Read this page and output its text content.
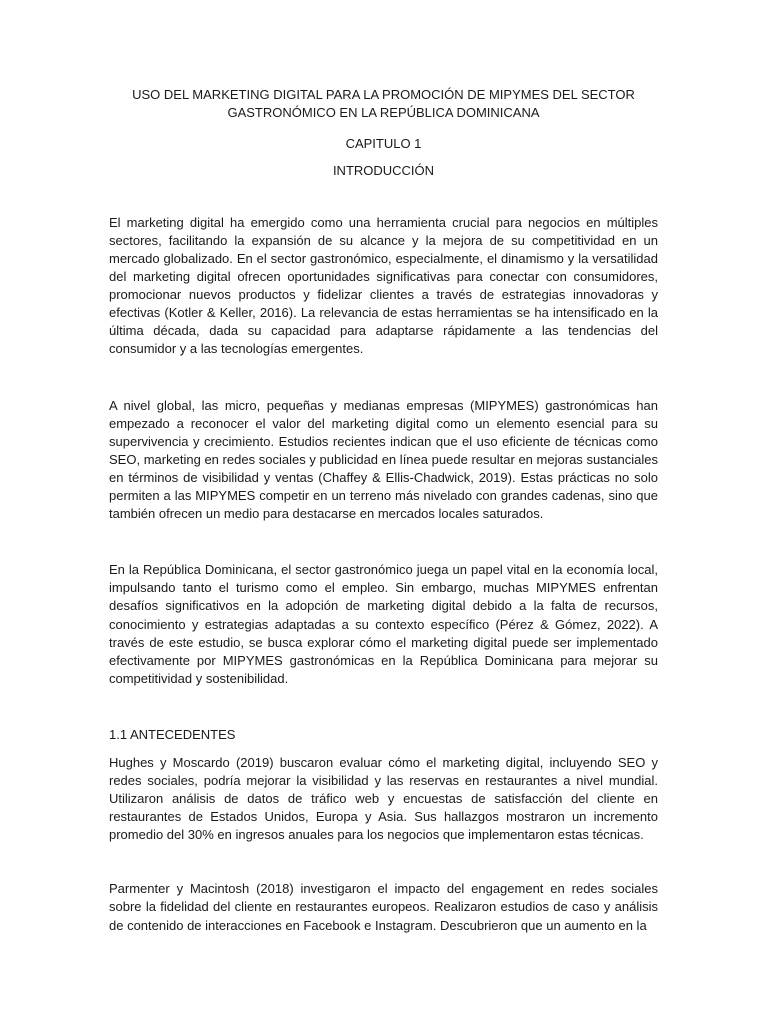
USO DEL MARKETING DIGITAL PARA LA PROMOCIÓN DE MIPYMES DEL SECTOR
GASTRONÓMICO EN LA REPÚBLICA DOMINICANA

CAPITULO 1

INTRODUCCIÓN

El marketing digital ha emergido como una herramienta crucial para negocios en múltiples sectores, facilitando la expansión de su alcance y la mejora de su competitividad en un mercado globalizado. En el sector gastronómico, especialmente, el dinamismo y la versatilidad del marketing digital ofrecen oportunidades significativas para conectar con consumidores, promocionar nuevos productos y fidelizar clientes a través de estrategias innovadoras y efectivas (Kotler & Keller, 2016). La relevancia de estas herramientas se ha intensificado en la última década, dada su capacidad para adaptarse rápidamente a las tendencias del consumidor y a las tecnologías emergentes.

A nivel global, las micro, pequeñas y medianas empresas (MIPYMES) gastronómicas han empezado a reconocer el valor del marketing digital como un elemento esencial para su supervivencia y crecimiento. Estudios recientes indican que el uso eficiente de técnicas como SEO, marketing en redes sociales y publicidad en línea puede resultar en mejoras sustanciales en términos de visibilidad y ventas (Chaffey & Ellis-Chadwick, 2019). Estas prácticas no solo permiten a las MIPYMES competir en un terreno más nivelado con grandes cadenas, sino que también ofrecen un medio para destacarse en mercados locales saturados.

En la República Dominicana, el sector gastronómico juega un papel vital en la economía local, impulsando tanto el turismo como el empleo. Sin embargo, muchas MIPYMES enfrentan desafíos significativos en la adopción de marketing digital debido a la falta de recursos, conocimiento y estrategias adaptadas a su contexto específico (Pérez & Gómez, 2022). A través de este estudio, se busca explorar cómo el marketing digital puede ser implementado efectivamente por MIPYMES gastronómicas en la República Dominicana para mejorar su competitividad y sostenibilidad.

1.1 ANTECEDENTES

Hughes y Moscardo (2019) buscaron evaluar cómo el marketing digital, incluyendo SEO y redes sociales, podría mejorar la visibilidad y las reservas en restaurantes a nivel mundial. Utilizaron análisis de datos de tráfico web y encuestas de satisfacción del cliente en restaurantes de Estados Unidos, Europa y Asia. Sus hallazgos mostraron un incremento promedio del 30% en ingresos anuales para los negocios que implementaron estas técnicas.

Parmenter y Macintosh (2018) investigaron el impacto del engagement en redes sociales sobre la fidelidad del cliente en restaurantes europeos. Realizaron estudios de caso y análisis de contenido de interacciones en Facebook e Instagram. Descubrieron que un aumento en la
